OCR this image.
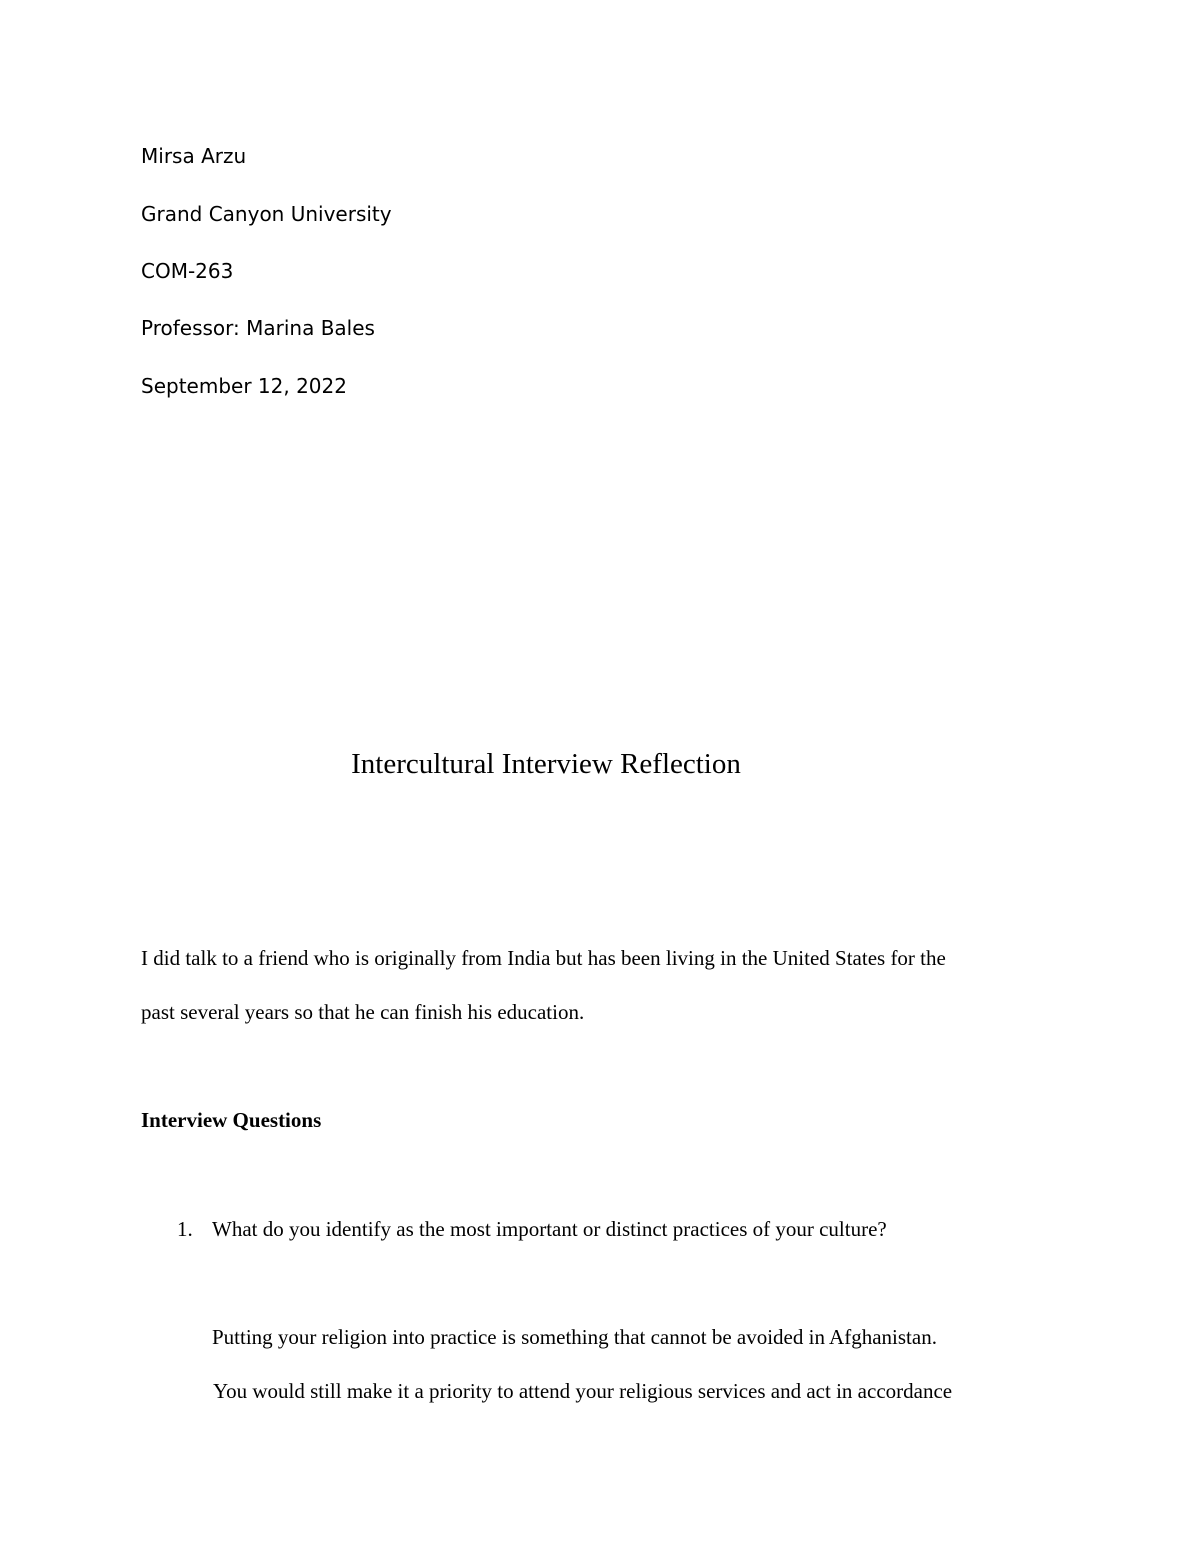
Mirsa Arzu
Grand Canyon University
COM-263
Professor: Marina Bales
September 12, 2022
Intercultural Interview Reflection
I did talk to a friend who is originally from India but has been living in the United States for the
past several years so that he can finish his education.
Interview Questions
1. What do you identify as the most important or distinct practices of your culture?
Putting your religion into practice is something that cannot be avoided in Afghanistan.
You would still make it a priority to attend your religious services and act in accordance
